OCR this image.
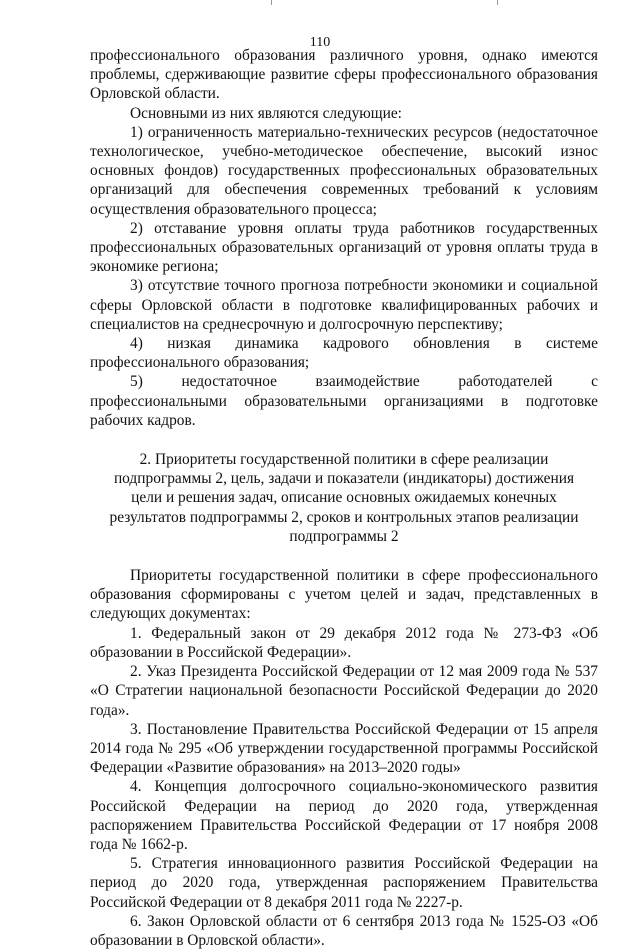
110

профессионального образования различного уровня, однако имеются проблемы, сдерживающие развитие сферы профессионального образования Орловской области.

Основными из них являются следующие:

1) ограниченность материально-технических ресурсов (недостаточное технологическое, учебно-методическое обеспечение, высокий износ основных фондов) государственных профессиональных образовательных организаций для обеспечения современных требований к условиям осуществления образовательного процесса;

2) отставание уровня оплаты труда работников государственных профессиональных образовательных организаций от уровня оплаты труда в экономике региона;

3) отсутствие точного прогноза потребности экономики и социальной сферы Орловской области в подготовке квалифицированных рабочих и специалистов на среднесрочную и долгосрочную перспективу;

4) низкая динамика кадрового обновления в системе профессионального образования;

5) недостаточное взаимодействие работодателей с профессиональными образовательными организациями в подготовке рабочих кадров.

2. Приоритеты государственной политики в сфере реализации подпрограммы 2, цель, задачи и показатели (индикаторы) достижения цели и решения задач, описание основных ожидаемых конечных результатов подпрограммы 2, сроков и контрольных этапов реализации подпрограммы 2

Приоритеты государственной политики в сфере профессионального образования сформированы с учетом целей и задач, представленных в следующих документах:

1. Федеральный закон от 29 декабря 2012 года № 273-ФЗ «Об образовании в Российской Федерации».

2. Указ Президента Российской Федерации от 12 мая 2009 года № 537 «О Стратегии национальной безопасности Российской Федерации до 2020 года».

3. Постановление Правительства Российской Федерации от 15 апреля 2014 года № 295 «Об утверждении государственной программы Российской Федерации «Развитие образования» на 2013–2020 годы»

4. Концепция долгосрочного социально-экономического развития Российской Федерации на период до 2020 года, утвержденная распоряжением Правительства Российской Федерации от 17 ноября 2008 года № 1662-р.

5. Стратегия инновационного развития Российской Федерации на период до 2020 года, утвержденная распоряжением Правительства Российской Федерации от 8 декабря 2011 года № 2227-р.

6. Закон Орловской области от 6 сентября 2013 года № 1525-ОЗ «Об образовании в Орловской области».
